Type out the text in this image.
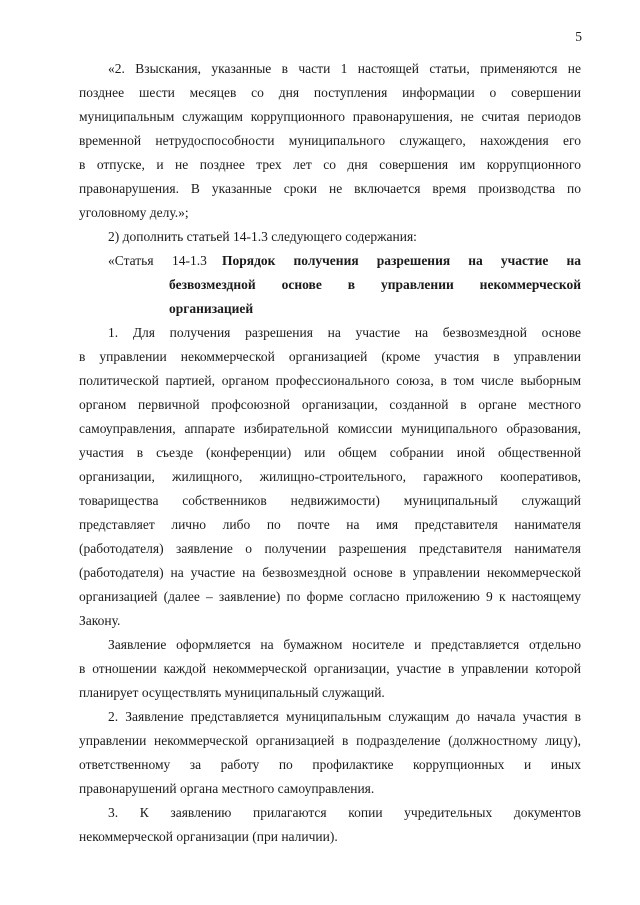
5
«Статья	14-1.3 Порядок получения разрешения на участие на
безвозмездной основе в управлении некоммерческой
«2. Взыскания, указанные в части 1 настоящей статьи, применяются не
позднее шести месяцев со дня поступления информации о совершении
муниципальным служащим коррупционного правонарушения, не считая периодов
временной нетрудоспособности муниципального служащего, нахождения его
в отпуске, и не позднее трех лет со дня совершения им коррупционного
правонарушения. В указанные сроки не включается время производства по
уголовному делу.»;
2) дополнить статьей 14-1.3 следующего содержания:
организацией
1. Для получения разрешения на участие на безвозмездной основе
в управлении некоммерческой организацией (кроме участия в управлении
политической партией, органом профессионального союза, в том числе выборным
органом первичной профсоюзной организации, созданной в органе местного
самоуправления, аппарате избирательной комиссии муниципального образования,
участия в съезде (конференции) или общем собрании иной общественной
организации, жилищного, жилищно-строительного, гаражного кооперативов,
товарищества собственников недвижимости) муниципальный служащий
представляет лично либо по почте на имя представителя нанимателя
(работодателя) заявление о получении разрешения представителя нанимателя
(работодателя) на участие на безвозмездной основе в управлении некоммерческой
организацией (далее – заявление) по форме согласно приложению 9 к настоящему
Закону.
Заявление оформляется на бумажном носителе и представляется отдельно
в отношении каждой некоммерческой организации, участие в управлении которой
планирует осуществлять муниципальный служащий.
2. Заявление представляется муниципальным служащим до начала участия в
управлении некоммерческой организацией в подразделение (должностному лицу),
ответственному за работу по профилактике коррупционных и иных
правонарушений органа местного самоуправления.
3. К заявлению прилагаются копии учредительных документов
некоммерческой организации (при наличии).
